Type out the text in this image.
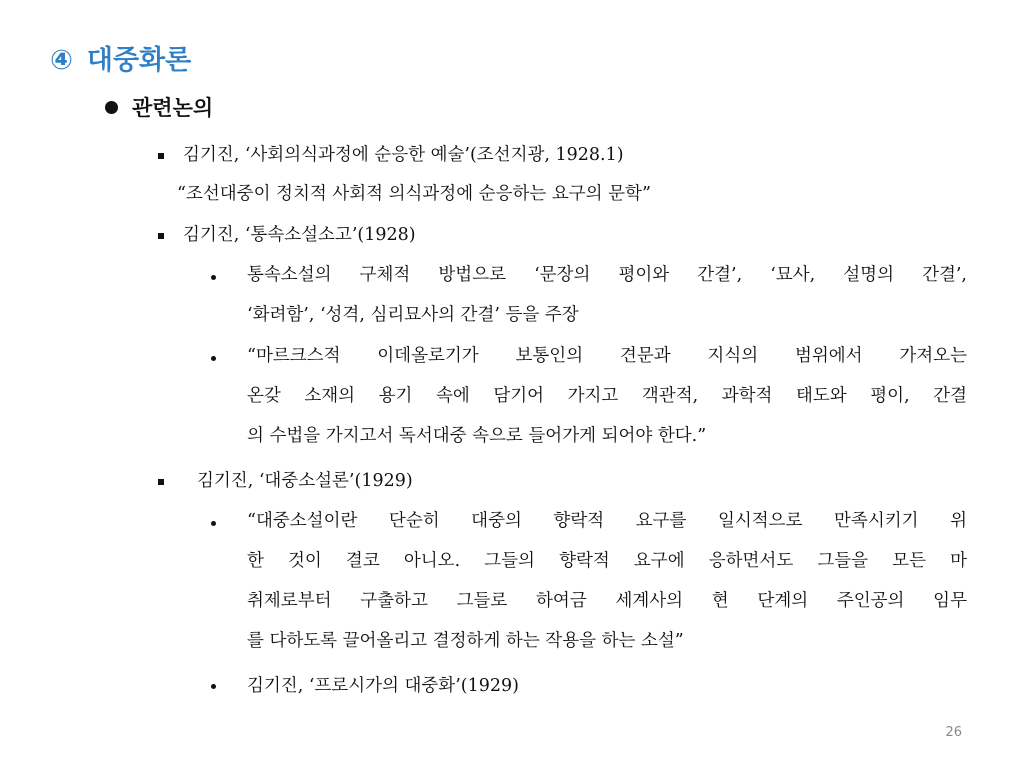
④ 대중화론
관련논의
김기진, ‘사회의식과정에 순응한 예술’(조선지광, 1928.1)
“조선대중이 정치적 사회적 의식과정에 순응하는 요구의 문학”
김기진, ‘통속소설소고’(1928)
통속소설의 구체적 방법으로 ‘문장의 평이와 간결’, ‘묘사, 설명의 간결’,
‘화려함’, ‘성격, 심리묘사의 간결’ 등을 주장
“마르크스적 이데올로기가 보통인의 견문과 지식의 범위에서 가져오는
온갖 소재의 용기 속에 담기어 가지고 객관적, 과학적 태도와 평이, 간결
의 수법을 가지고서 독서대중 속으로 들어가게 되어야 한다.”
김기진, ‘대중소설론’(1929)
“대중소설이란 단순히 대중의 향락적 요구를 일시적으로 만족시키기 위
한 것이 결코 아니오. 그들의 향락적 요구에 응하면서도 그들을 모든 마
취제로부터 구출하고 그들로 하여금 세계사의 현 단계의 주인공의 임무
를 다하도록 끌어올리고 결정하게 하는 작용을 하는 소설”
김기진, ‘프로시가의 대중화’(1929)
26
